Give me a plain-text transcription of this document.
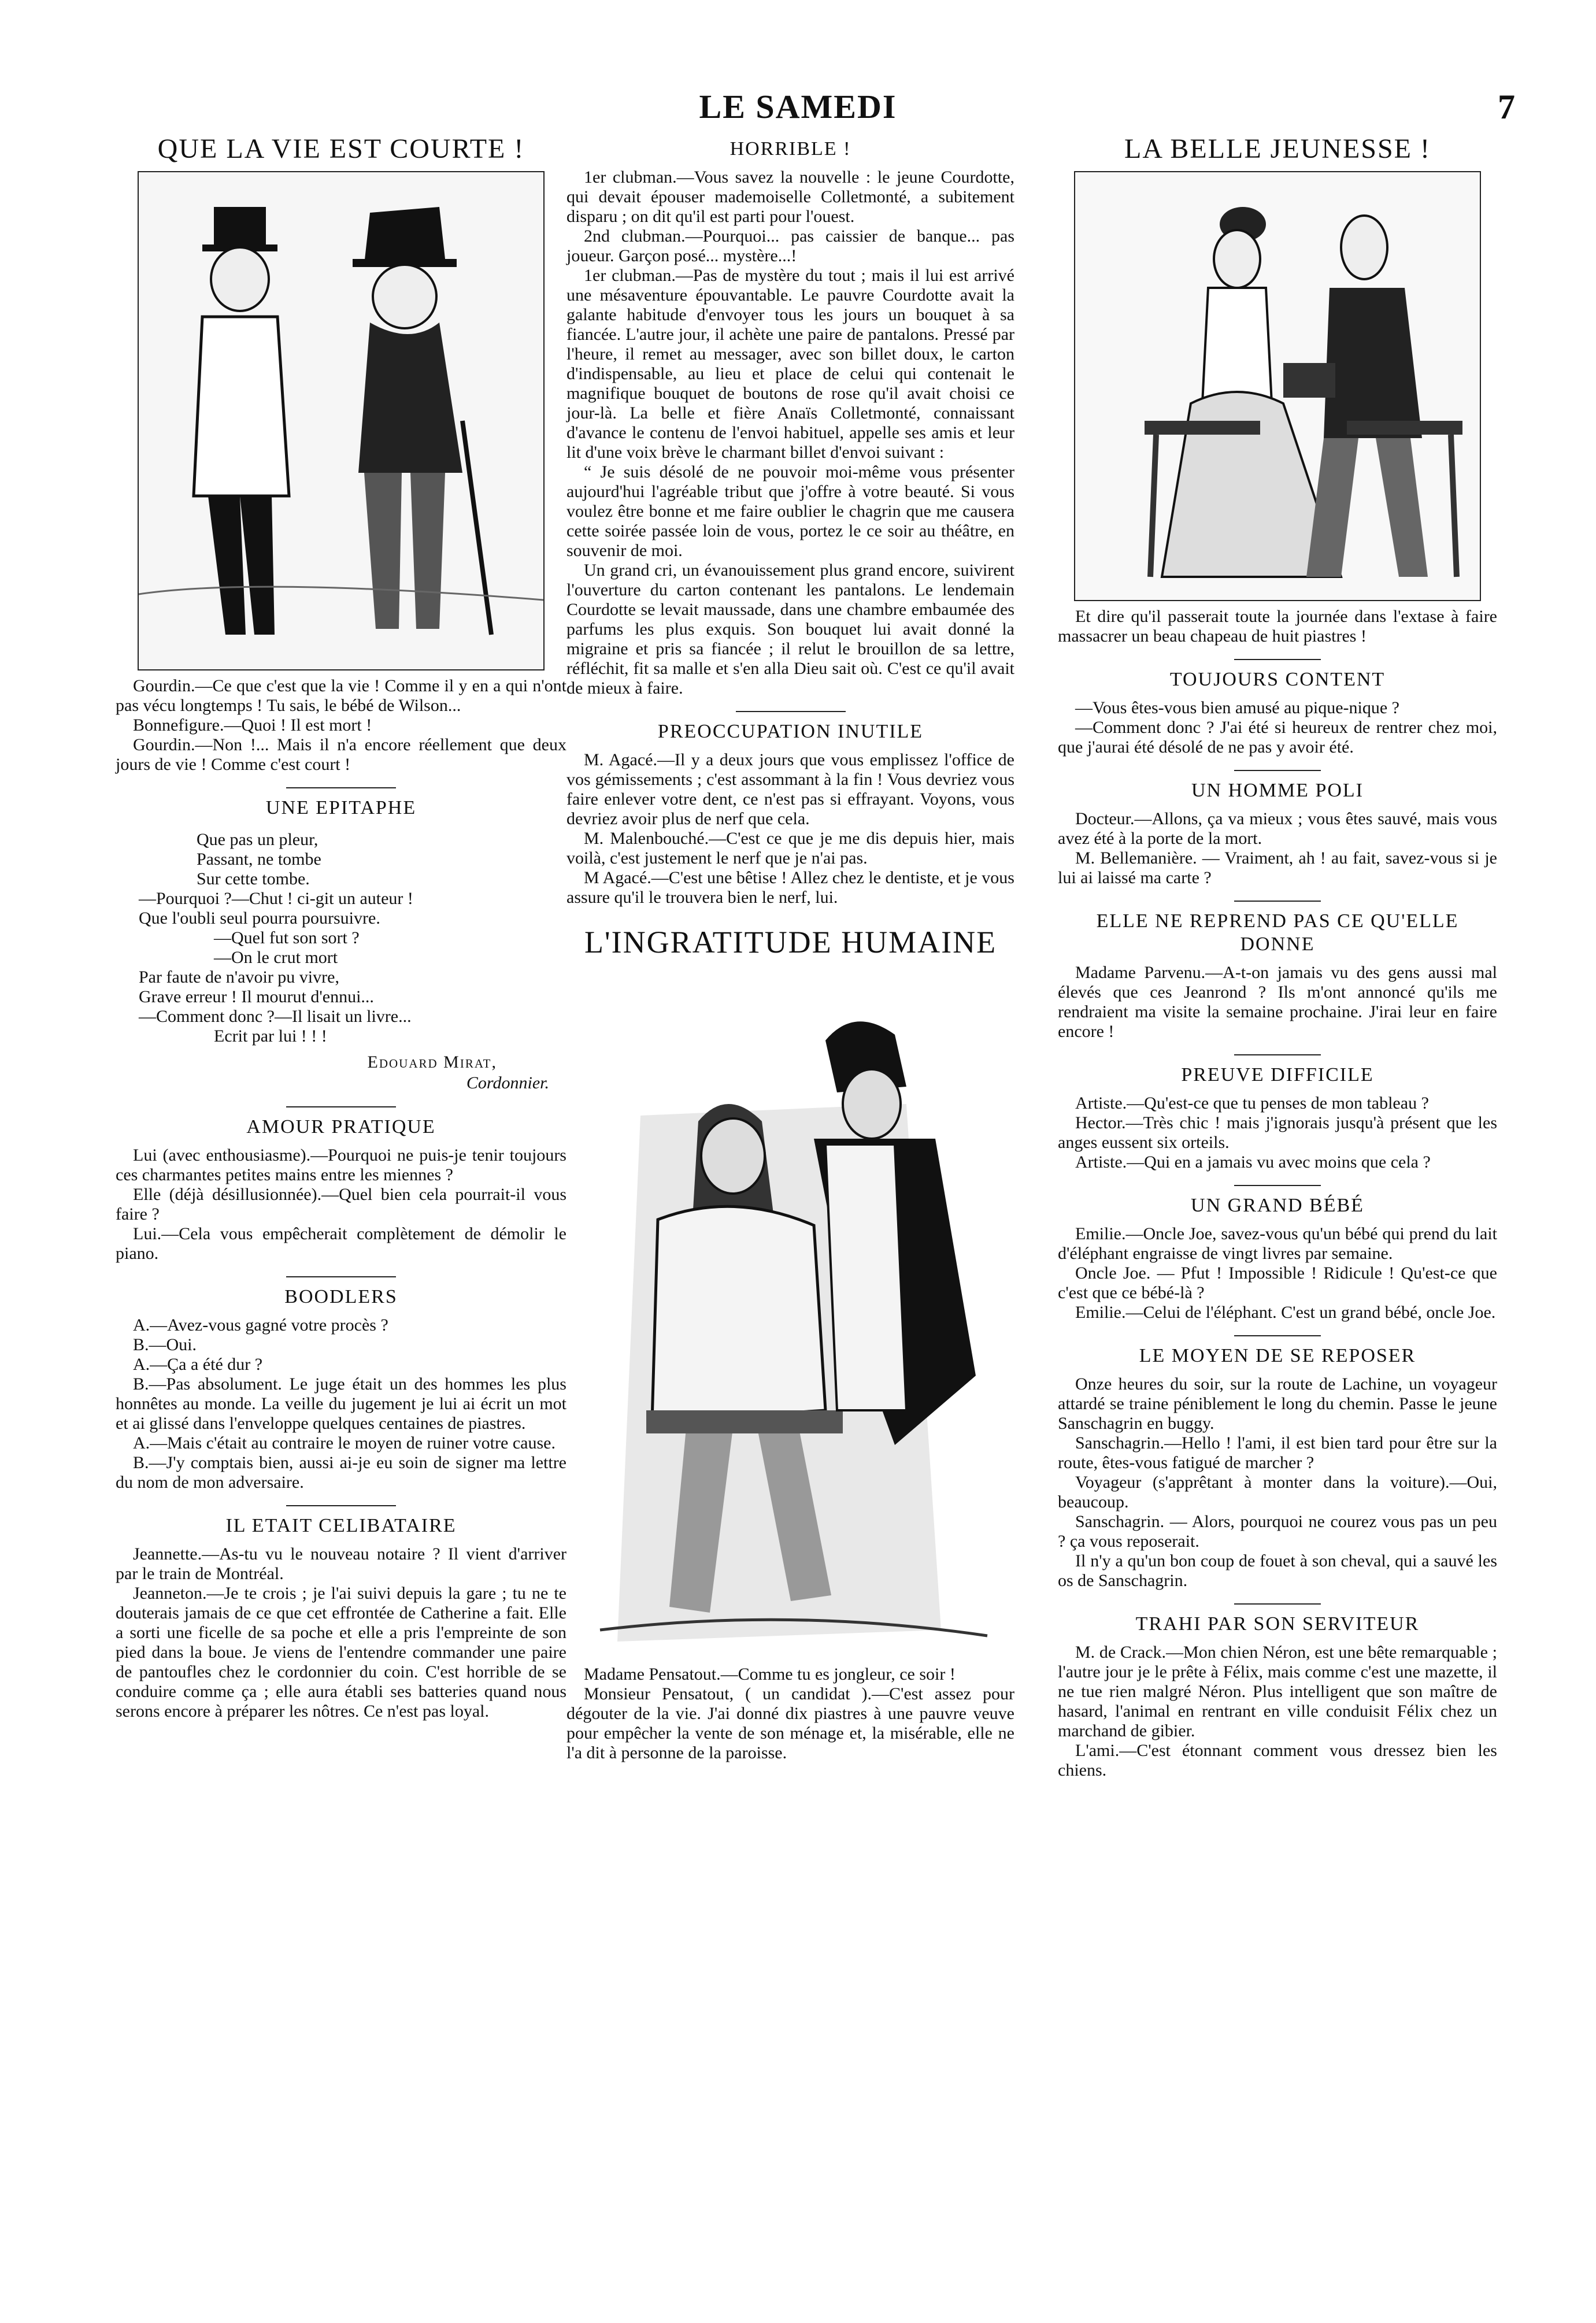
LE SAMEDI	7
QUE LA VIE EST COURTE !

Gourdin.—Ce que c'est que la vie ! Comme il y en a qui n'ont pas vécu longtemps ! Tu sais, le bébé de Wilson...

Bonnefigure.—Quoi ! Il est mort !

Gourdin.—Non !... Mais il n'a encore réellement que deux jours de vie ! Comme c'est court !

UNE EPITAPHE
Que pas un pleur,
Passant, ne tombe
Sur cette tombe.
—Pourquoi ?—Chut ! ci-git un auteur !
Que l'oubli seul pourra poursuivre.
—Quel fut son sort ?
—On le crut mort
Par faute de n'avoir pu vivre,
Grave erreur ! Il mourut d'ennui...
—Comment donc ?—Il lisait un livre...
Ecrit par lui ! ! !
Edouard Mirat,
Cordonnier.
AMOUR PRATIQUE

Lui (avec enthousiasme).—Pourquoi ne puis-je tenir toujours ces charmantes petites mains entre les miennes ?

Elle (déjà désillusionnée).—Quel bien cela pourrait-il vous faire ?

Lui.—Cela vous empêcherait complètement de démolir le piano.

BOODLERS

A.—Avez-vous gagné votre procès ?

B.—Oui.

A.—Ça a été dur ?

B.—Pas absolument. Le juge était un des hommes les plus honnêtes au monde. La veille du jugement je lui ai écrit un mot et ai glissé dans l'enveloppe quelques centaines de piastres.

A.—Mais c'était au contraire le moyen de ruiner votre cause.

B.—J'y comptais bien, aussi ai-je eu soin de signer ma lettre du nom de mon adversaire.

IL ETAIT CELIBATAIRE

Jeannette.—As-tu vu le nouveau notaire ? Il vient d'arriver par le train de Montréal.

Jeanneton.—Je te crois ; je l'ai suivi depuis la gare ; tu ne te douterais jamais de ce que cet effrontée de Catherine a fait. Elle a sorti une ficelle de sa poche et elle a pris l'empreinte de son pied dans la boue. Je viens de l'entendre commander une paire de pantoufles chez le cordonnier du coin. C'est horrible de se conduire comme ça ; elle aura établi ses batteries quand nous serons encore à préparer les nôtres. Ce n'est pas loyal.

HORRIBLE !

1er clubman.—Vous savez la nouvelle : le jeune Courdotte, qui devait épouser mademoiselle Colletmonté, a subitement disparu ; on dit qu'il est parti pour l'ouest.

2nd clubman.—Pourquoi... pas caissier de banque... pas joueur. Garçon posé... mystère...!

1er clubman.—Pas de mystère du tout ; mais il lui est arrivé une mésaventure épouvantable. Le pauvre Courdotte avait la galante habitude d'envoyer tous les jours un bouquet à sa fiancée. L'autre jour, il achète une paire de pantalons. Pressé par l'heure, il remet au messager, avec son billet doux, le carton d'indispensable, au lieu et place de celui qui contenait le magnifique bouquet de boutons de rose qu'il avait choisi ce jour-là. La belle et fière Anaïs Colletmonté, connaissant d'avance le contenu de l'envoi habituel, appelle ses amis et leur lit d'une voix brève le charmant billet d'envoi suivant :

“ Je suis désolé de ne pouvoir moi-même vous présenter aujourd'hui l'agréable tribut que j'offre à votre beauté. Si vous voulez être bonne et me faire oublier le chagrin que me causera cette soirée passée loin de vous, portez le ce soir au théâtre, en souvenir de moi.

Un grand cri, un évanouissement plus grand encore, suivirent l'ouverture du carton contenant les pantalons. Le lendemain Courdotte se levait maussade, dans une chambre embaumée des parfums les plus exquis. Son bouquet lui avait donné la migraine et pris sa fiancée ; il relut le brouillon de sa lettre, réfléchit, fit sa malle et s'en alla Dieu sait où. C'est ce qu'il avait de mieux à faire.

PREOCCUPATION INUTILE

M. Agacé.—Il y a deux jours que vous emplissez l'office de vos gémissements ; c'est assommant à la fin ! Vous devriez vous faire enlever votre dent, ce n'est pas si effrayant. Voyons, vous devriez avoir plus de nerf que cela.

M. Malenbouché.—C'est ce que je me dis depuis hier, mais voilà, c'est justement le nerf que je n'ai pas.

M Agacé.—C'est une bêtise ! Allez chez le dentiste, et je vous assure qu'il le trouvera bien le nerf, lui.

L'INGRATITUDE HUMAINE

Madame Pensatout.—Comme tu es jongleur, ce soir !

Monsieur Pensatout, ( un candidat ).—C'est assez pour dégouter de la vie. J'ai donné dix piastres à une pauvre veuve pour empêcher la vente de son ménage et, la misérable, elle ne l'a dit à personne de la paroisse.

LA BELLE JEUNESSE !

Et dire qu'il passerait toute la journée dans l'extase à faire massacrer un beau chapeau de huit piastres !

TOUJOURS CONTENT

—Vous êtes-vous bien amusé au pique-nique ?

—Comment donc ? J'ai été si heureux de rentrer chez moi, que j'aurai été désolé de ne pas y avoir été.

UN HOMME POLI

Docteur.—Allons, ça va mieux ; vous êtes sauvé, mais vous avez été à la porte de la mort.

M. Bellemanière. — Vraiment, ah ! au fait, savez-vous si je lui ai laissé ma carte ?

ELLE NE REPREND PAS CE QU'ELLE DONNE

Madame Parvenu.—A-t-on jamais vu des gens aussi mal élevés que ces Jeanrond ? Ils m'ont annoncé qu'ils me rendraient ma visite la semaine prochaine. J'irai leur en faire encore !

PREUVE DIFFICILE

Artiste.—Qu'est-ce que tu penses de mon tableau ?

Hector.—Très chic ! mais j'ignorais jusqu'à présent que les anges eussent six orteils.

Artiste.—Qui en a jamais vu avec moins que cela ?

UN GRAND BÉBÉ

Emilie.—Oncle Joe, savez-vous qu'un bébé qui prend du lait d'éléphant engraisse de vingt livres par semaine.

Oncle Joe. — Pfut ! Impossible ! Ridicule ! Qu'est-ce que c'est que ce bébé-là ?

Emilie.—Celui de l'éléphant. C'est un grand bébé, oncle Joe.

LE MOYEN DE SE REPOSER

Onze heures du soir, sur la route de Lachine, un voyageur attardé se traine péniblement le long du chemin. Passe le jeune Sanschagrin en buggy.

Sanschagrin.—Hello ! l'ami, il est bien tard pour être sur la route, êtes-vous fatigué de marcher ?

Voyageur (s'apprêtant à monter dans la voiture).—Oui, beaucoup.

Sanschagrin. — Alors, pourquoi ne courez vous pas un peu ? ça vous reposerait.

Il n'y a qu'un bon coup de fouet à son cheval, qui a sauvé les os de Sanschagrin.

TRAHI PAR SON SERVITEUR

M. de Crack.—Mon chien Néron, est une bête remarquable ; l'autre jour je le prête à Félix, mais comme c'est une mazette, il ne tue rien malgré Néron. Plus intelligent que son maître de hasard, l'animal en rentrant en ville conduisit Félix chez un marchand de gibier.

L'ami.—C'est étonnant comment vous dressez bien les chiens.
